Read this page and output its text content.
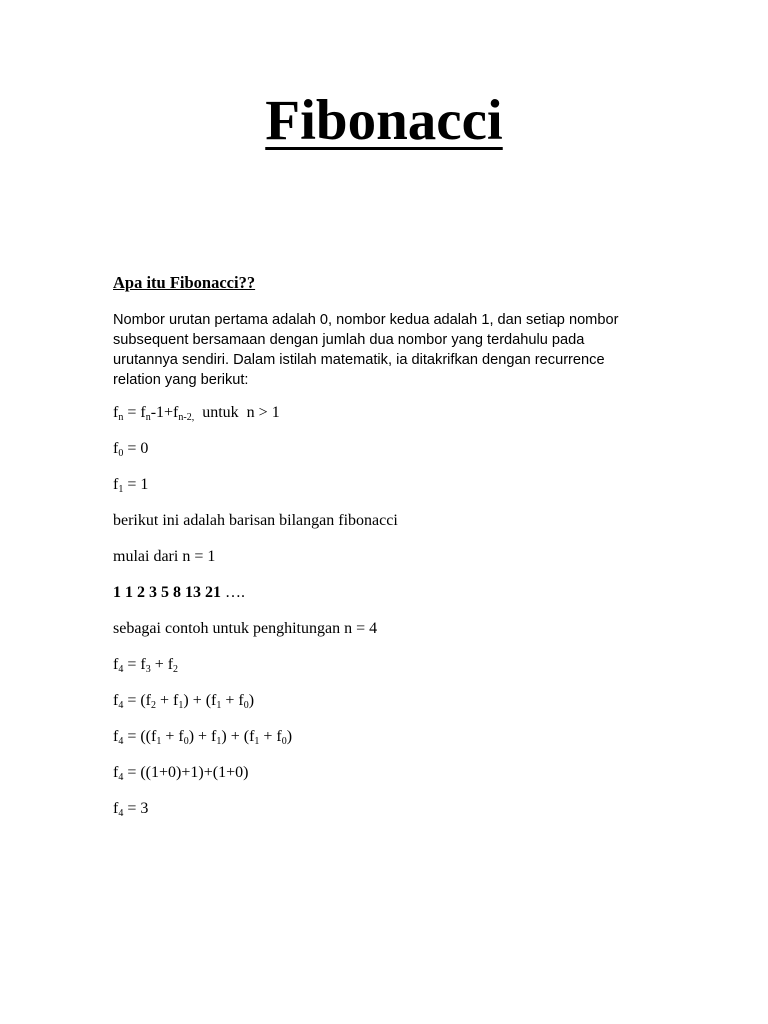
Fibonacci
Apa itu Fibonacci??

Nombor urutan pertama adalah 0, nombor kedua adalah 1, dan setiap nombor subsequent bersamaan dengan jumlah dua nombor yang terdahulu pada urutannya sendiri. Dalam istilah matematik, ia ditakrifkan dengan recurrence relation yang berikut:

$f_n = f_n-1+f_{n-2,}$  untuk  n > 1
$f_0 = 0$
$f_1 = 1$
berikut ini adalah barisan bilangan fibonacci
mulai dari n = 1
1 1 2 3 5 8 13 21 ….
sebagai contoh untuk penghitungan n = 4
$f_4 = f_3 + f_2$
$f_4 = (f_2 + f_1) + (f_1 + f_0)$
$f_4 = ((f_1 + f_0) + f_1) + (f_1 + f_0)$
$f_4 = ((1+0)+1)+(1+0)$
$f_4 = 3$
